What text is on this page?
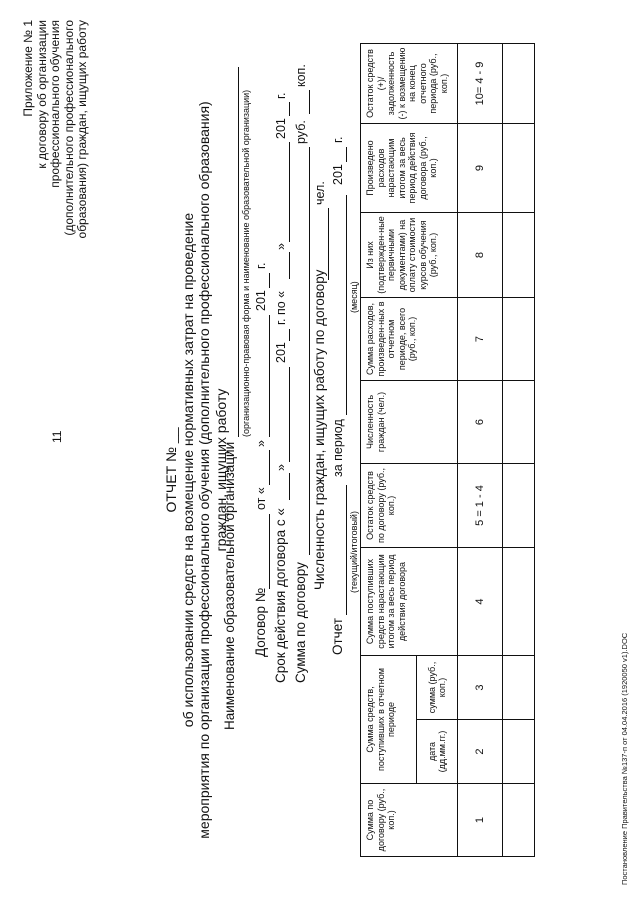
11
Приложение № 1 к договору об организации профессионального обучения (дополнительного профессионального образования) граждан, ищущих работу
ОТЧЕТ № __ об использовании средств на возмещение нормативных затрат на проведение мероприятия по организации профессионального обучения (дополнительного профессионального образования) граждан, ищущих работу
Наименование образовательной организации
(организационно-правовая форма и наименование образовательной организации)
Договор №
от «
»
201
г.
Срок действия договора с «
»
201
г. по «
»
201
г.
Сумма по договору
руб.
коп.
Численность граждан, ищущих работу по договору
чел.
Отчет
(текущий/итоговый)
за период
(месяц)
201
г.
Сумма по договору (руб., коп.)	Сумма средств, поступивших в отчетном периоде		Сумма поступивших средств нарастающим итогом за весь период действия договора	Остаток средств по договору (руб., коп.)	Численность граждан (чел.)	Сумма расходов, произведен-ных в отчетном периоде, всего (руб., коп.)	Из них (подтвержден-ные первичными документами) на оплату стоимости курсов обучения (руб., коп.)	Произведено расходов нарастающим итогом за весь период действия договора (руб., коп.)	Остаток средств (+)/задолженность (-) к возмещению на конец отчетного периода (руб., коп.)
	дата (дд.мм.гг.)	сумма (руб., коп.)							
1	2	3	4	5 = 1 - 4	6	7	8	9	10= 4 - 9

Постановление Правительства №137-п от 04.04.2016 (1920050 v1).DOC
